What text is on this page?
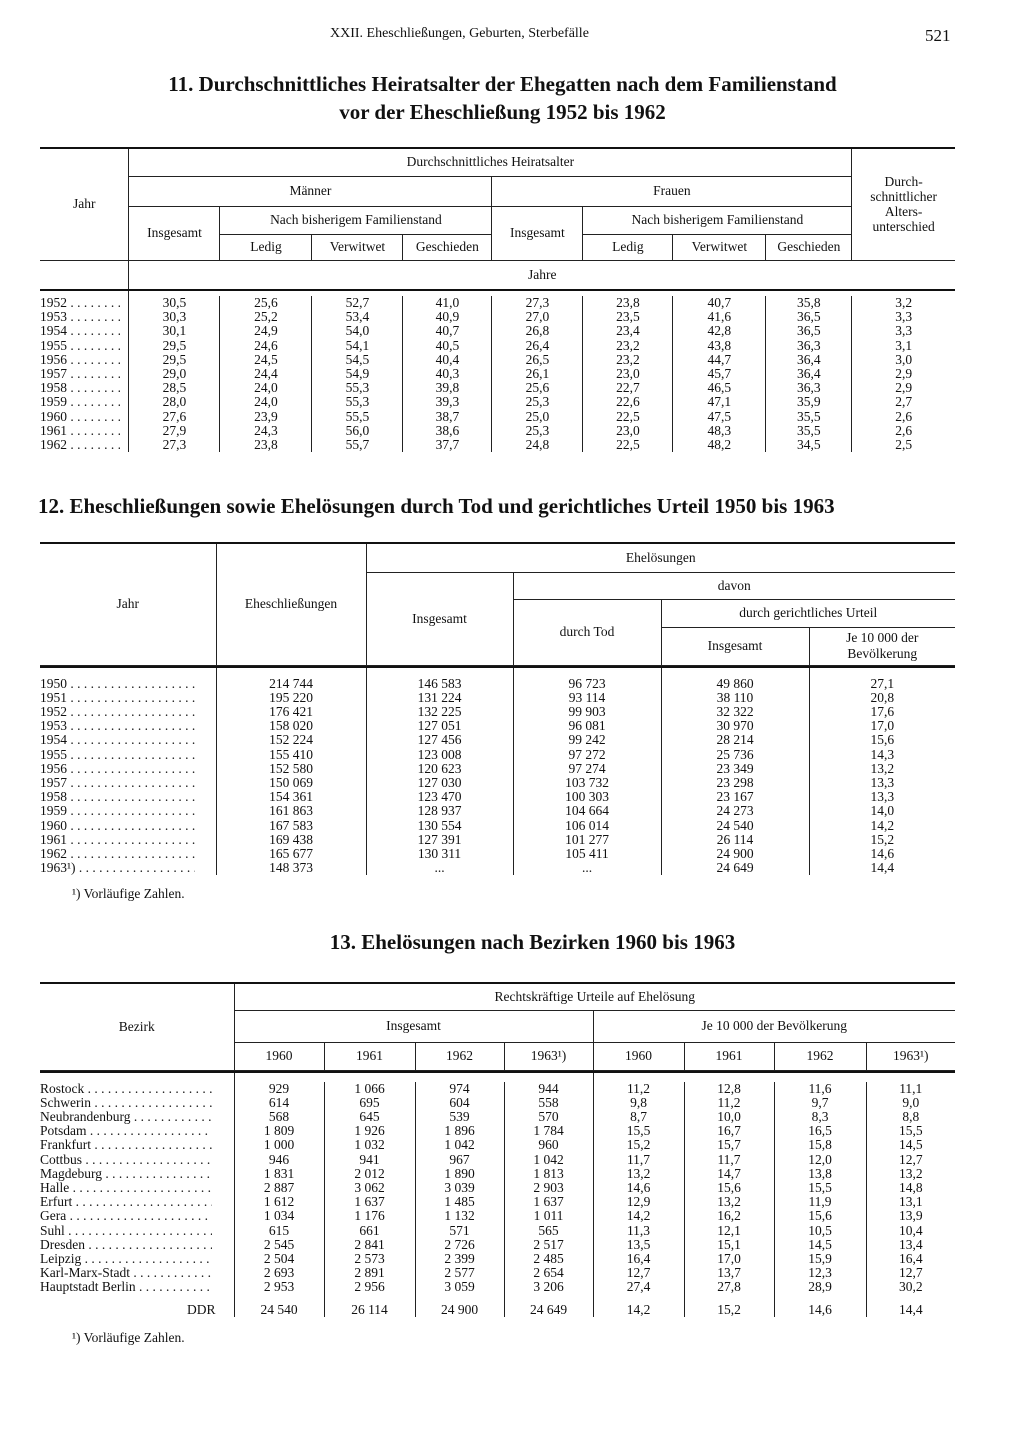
XXII. Eheschließungen, Geburten, Sterbefälle	521
11. Durchschnittliches Heiratsalter der Ehegatten nach dem Familienstand
vor der Eheschließung 1952 bis 1962
Jahr	Durchschnittliches Heiratsalter								Durch-schnittlicher Alters-unterschied
	Männer				Frauen				
	Insgesamt	Nach bisherigem Familienstand			Insgesamt	Nach bisherigem Familienstand			
		Ledig	Verwitwet	Geschieden		Ledig	Verwitwet	Geschieden	
	Jahre								

1952 . . .	30,5	25,6	52,7	41,0	27,3	23,8	40,7	35,8	3,2

1953 . . .	30,3	25,2	53,4	40,9	27,0	23,5	41,6	36,5	3,3

1954 . . .	30,1	24,9	54,0	40,7	26,8	23,4	42,8	36,5	3,3

1955 . . .	29,5	24,6	54,1	40,5	26,4	23,2	43,8	36,3	3,1

1956 . . .	29,5	24,5	54,5	40,4	26,5	23,2	44,7	36,4	3,0

1957 . . .	29,0	24,4	54,9	40,3	26,1	23,0	45,7	36,4	2,9

1958 . . .	28,5	24,0	55,3	39,8	25,6	22,7	46,5	36,3	2,9

1959 . . .	28,0	24,0	55,3	39,3	25,3	22,6	47,1	35,9	2,7

1960 . . .	27,6	23,9	55,5	38,7	25,0	22,5	47,5	35,5	2,6

1961 . . .	27,9	24,3	56,0	38,6	25,3	23,0	48,3	35,5	2,6

1962 . . .	27,3	23,8	55,7	37,7	24,8	22,5	48,2	34,5	2,5
12. Eheschließungen sowie Ehelösungen durch Tod und gerichtliches Urteil 1950 bis 1963
Jahr	Eheschließungen	Ehelösungen			
		Insgesamt	davon		
			durch Tod	durch gerichtliches Urteil	
				Insgesamt	Je 10 000 der Bevölkerung

1950 . . .	214 744	146 583	96 723	49 860	27,1

1951 . . .	195 220	131 224	93 114	38 110	20,8

1952 . . .	176 421	132 225	99 903	32 322	17,6

1953 . . .	158 020	127 051	96 081	30 970	17,0

1954 . . .	152 224	127 456	99 242	28 214	15,6

1955 . . .	155 410	123 008	97 272	25 736	14,3

1956 . . .	152 580	120 623	97 274	23 349	13,2

1957 . . .	150 069	127 030	103 732	23 298	13,3

1958 . . .	154 361	123 470	100 303	23 167	13,3

1959 . . .	161 863	128 937	104 664	24 273	14,0

1960 . . .	167 583	130 554	106 014	24 540	14,2

1961 . . .	169 438	127 391	101 277	26 114	15,2

1962 . . .	165 677	130 311	105 411	24 900	14,6

1963¹) . . .	148 373	...	...	24 649	14,4
¹) Vorläufige Zahlen.
13. Ehelösungen nach Bezirken 1960 bis 1963
Bezirk	Rechtskräftige Urteile auf Ehelösung							
	Insgesamt				Je 10 000 der Bevölkerung			
	1960	1961	1962	1963¹)	1960	1961	1962	1963¹)

Rostock . . .	929	1 066	974	944	11,2	12,8	11,6	11,1

Schwerin . . .	614	695	604	558	9,8	11,2	9,7	9,0

Neubrandenburg . . .	568	645	539	570	8,7	10,0	8,3	8,8

Potsdam . . .	1 809	1 926	1 896	1 784	15,5	16,7	16,5	15,5

Frankfurt . . .	1 000	1 032	1 042	960	15,2	15,7	15,8	14,5

Cottbus . . .	946	941	967	1 042	11,7	11,7	12,0	12,7

Magdeburg . . .	1 831	2 012	1 890	1 813	13,2	14,7	13,8	13,2

Halle . . .	2 887	3 062	3 039	2 903	14,6	15,6	15,5	14,8

Erfurt . . .	1 612	1 637	1 485	1 637	12,9	13,2	11,9	13,1

Gera . . .	1 034	1 176	1 132	1 011	14,2	16,2	15,6	13,9

Suhl . . .	615	661	571	565	11,3	12,1	10,5	10,4

Dresden . . .	2 545	2 841	2 726	2 517	13,5	15,1	14,5	13,4

Leipzig . . .	2 504	2 573	2 399	2 485	16,4	17,0	15,9	16,4

Karl-Marx-Stadt . . .	2 693	2 891	2 577	2 654	12,7	13,7	12,3	12,7

Hauptstadt Berlin . . .	2 953	2 956	3 059	3 206	27,4	27,8	28,9	30,2

DDR	24 540	26 114	24 900	24 649	14,2	15,2	14,6	14,4
¹) Vorläufige Zahlen.
